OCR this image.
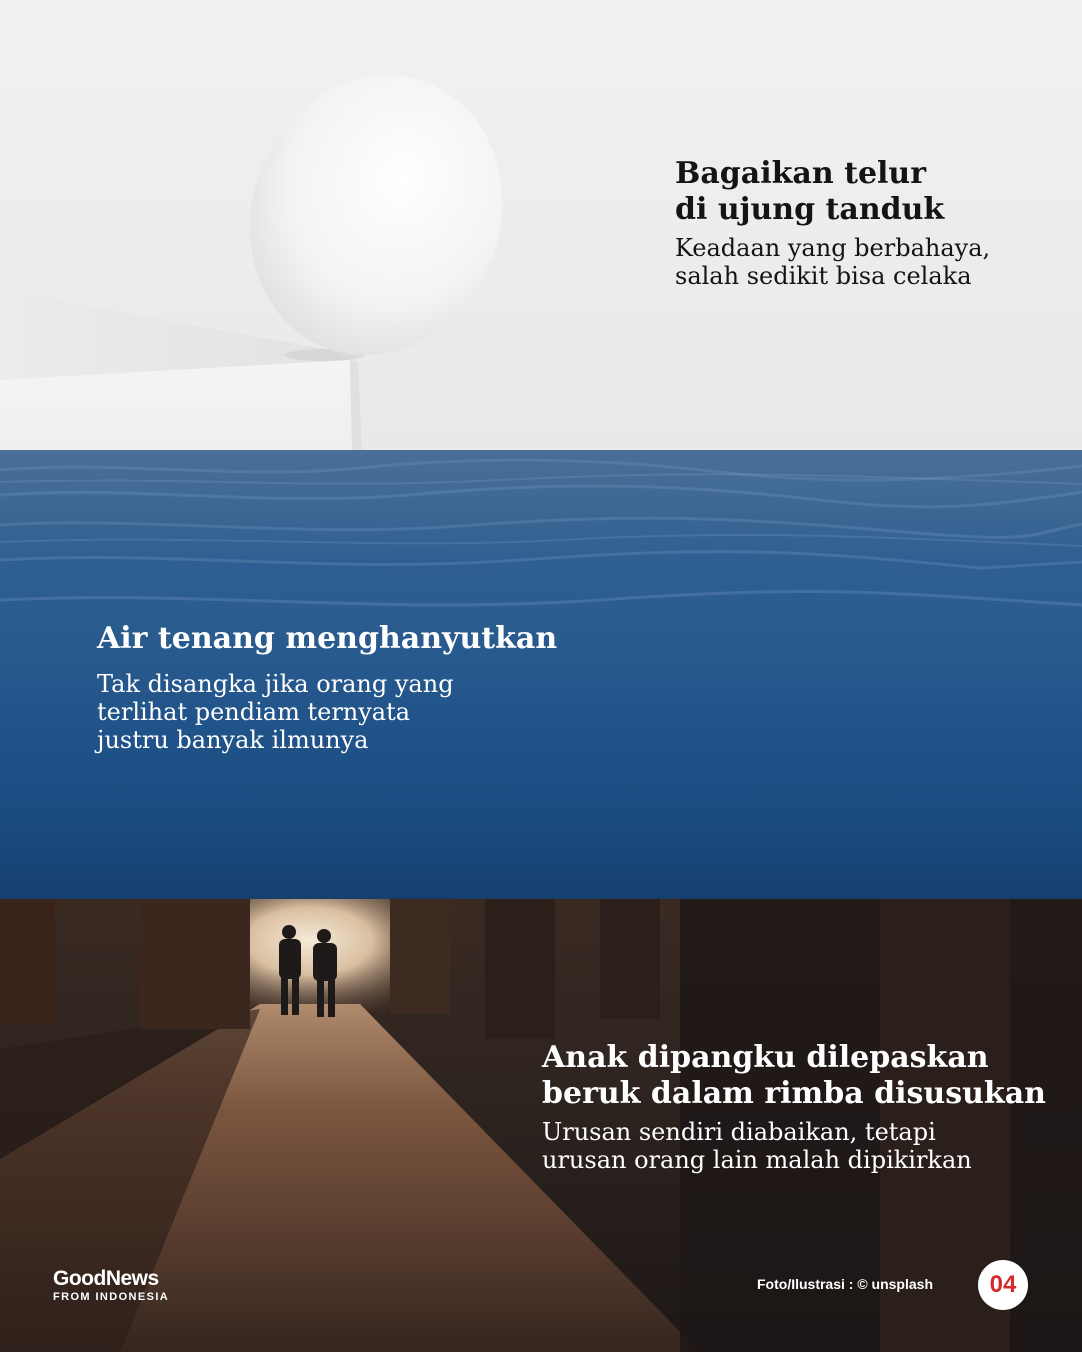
Bagaikan telur
di ujung tanduk

Keadaan yang berbahaya,
salah sedikit bisa celaka

Air tenang menghanyutkan

Tak disangka jika orang yang
terlihat pendiam ternyata
justru banyak ilmunya

Anak dipangku dilepaskan
beruk dalam rimba disusukan

Urusan sendiri diabaikan, tetapi
urusan orang lain malah dipikirkan

GoodNews
FROM INDONESIA
Foto/Ilustrasi : © unsplash 04
